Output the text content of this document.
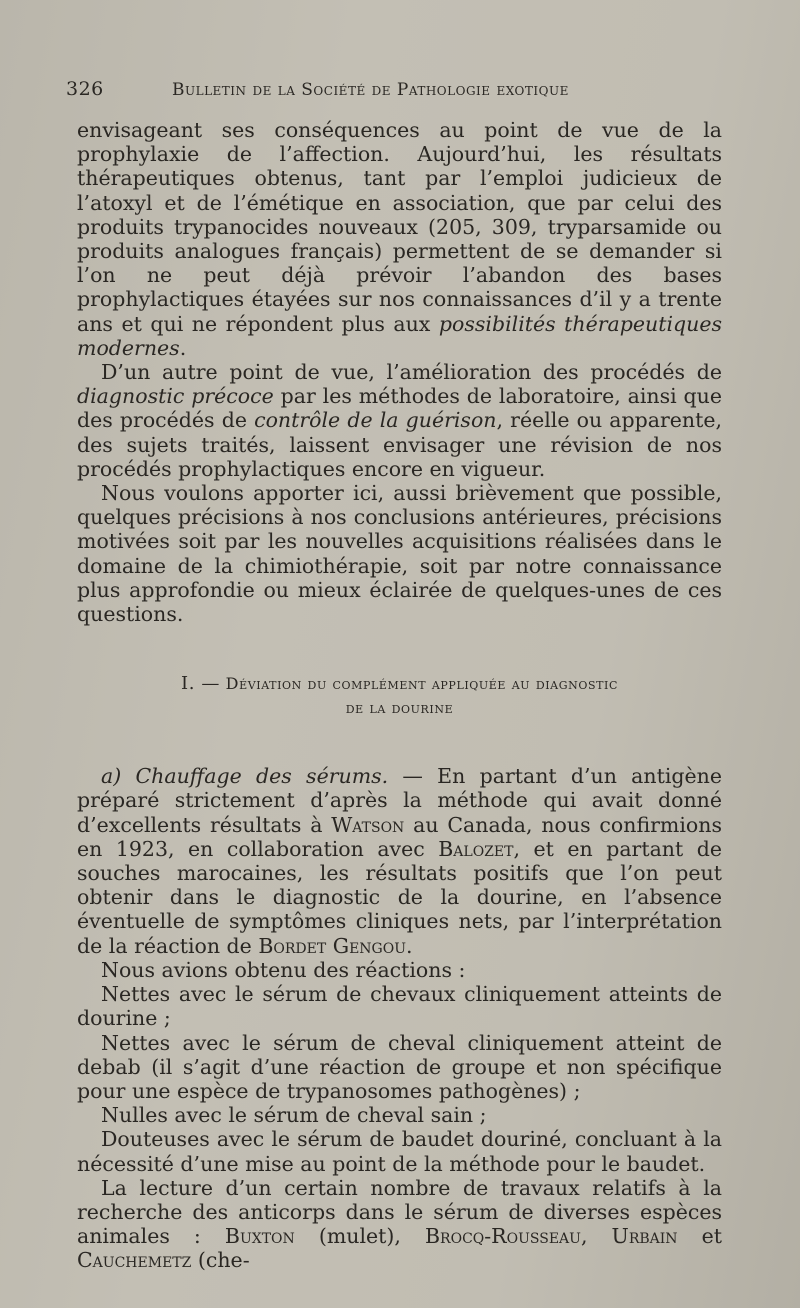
326	Bulletin de la Société de Pathologie exotique

envisageant ses conséquences au point de vue de la prophylaxie de l’affection. Aujourd’hui, les résultats thérapeutiques obtenus, tant par l’emploi judicieux de l’atoxyl et de l’émétique en association, que par celui des produits trypanocides nouveaux (205, 309, tryparsamide ou produits analogues français) permettent de se demander si l’on ne peut déjà prévoir l’abandon des bases prophylactiques étayées sur nos connaissances d’il y a trente ans et qui ne répondent plus aux possibilités thérapeutiques modernes.

D’un autre point de vue, l’amélioration des procédés de diagnostic précoce par les méthodes de laboratoire, ainsi que des procédés de contrôle de la guérison, réelle ou apparente, des sujets traités, laissent envisager une révision de nos procédés prophylactiques encore en vigueur.

Nous voulons apporter ici, aussi brièvement que possible, quelques précisions à nos conclusions antérieures, précisions motivées soit par les nouvelles acquisitions réalisées dans le domaine de la chimiothérapie, soit par notre connaissance plus approfondie ou mieux éclairée de quelques-unes de ces questions.

I. — Déviation du complément appliquée au diagnostic
de la dourine

a) Chauffage des sérums. — En partant d’un antigène préparé strictement d’après la méthode qui avait donné d’excellents résultats à Watson au Canada, nous confirmions en 1923, en collaboration avec Balozet, et en partant de souches marocaines, les résultats positifs que l’on peut obtenir dans le diagnostic de la dourine, en l’absence éventuelle de symptômes cliniques nets, par l’interprétation de la réaction de Bordet Gengou.

Nous avions obtenu des réactions :

Nettes avec le sérum de chevaux cliniquement atteints de dourine ;

Nettes avec le sérum de cheval cliniquement atteint de debab (il s’agit d’une réaction de groupe et non spécifique pour une espèce de trypanosomes pathogènes) ;

Nulles avec le sérum de cheval sain ;

Douteuses avec le sérum de baudet douriné, concluant à la nécessité d’une mise au point de la méthode pour le baudet.

La lecture d’un certain nombre de travaux relatifs à la recherche des anticorps dans le sérum de diverses espèces animales : Buxton (mulet), Brocq-Rousseau, Urbain et Cauchemetz (che-
